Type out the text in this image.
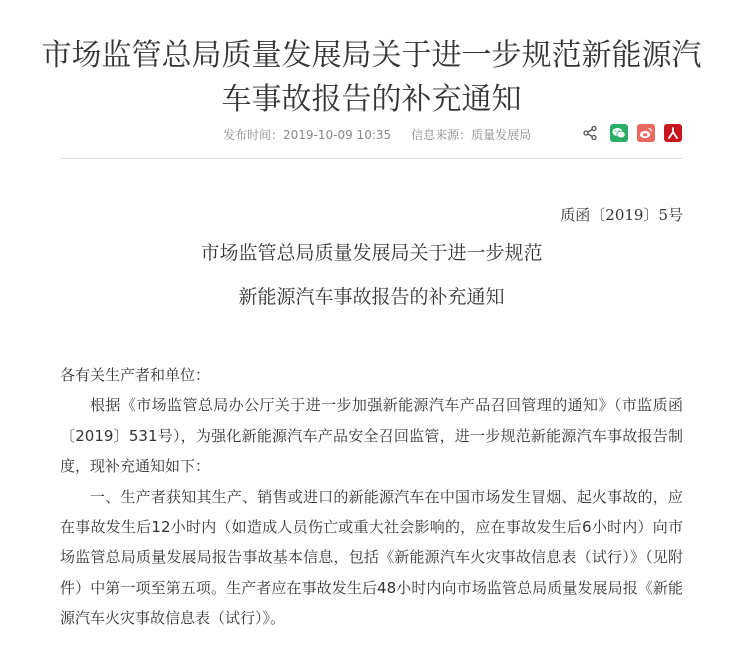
市场监管总局质量发展局关于进一步规范新能源汽车事故报告的补充通知
发布时间：2019-10-09 10:35 信息来源：质量发展局
质函〔2019〕5号
市场监管总局质量发展局关于进一步规范
新能源汽车事故报告的补充通知

各有关生产者和单位：

根据《市场监管总局办公厅关于进一步加强新能源汽车产品召回管理的通知》（市监质函〔2019〕531号），为强化新能源汽车产品安全召回监管，进一步规范新能源汽车事故报告制度，现补充通知如下：

一、生产者获知其生产、销售或进口的新能源汽车在中国市场发生冒烟、起火事故的，应在事故发生后12小时内（如造成人员伤亡或重大社会影响的，应在事故发生后6小时内）向市场监管总局质量发展局报告事故基本信息，包括《新能源汽车火灾事故信息表（试行）》（见附件）中第一项至第五项。生产者应在事故发生后48小时内向市场监管总局质量发展局报《新能源汽车火灾事故信息表（试行）》。
